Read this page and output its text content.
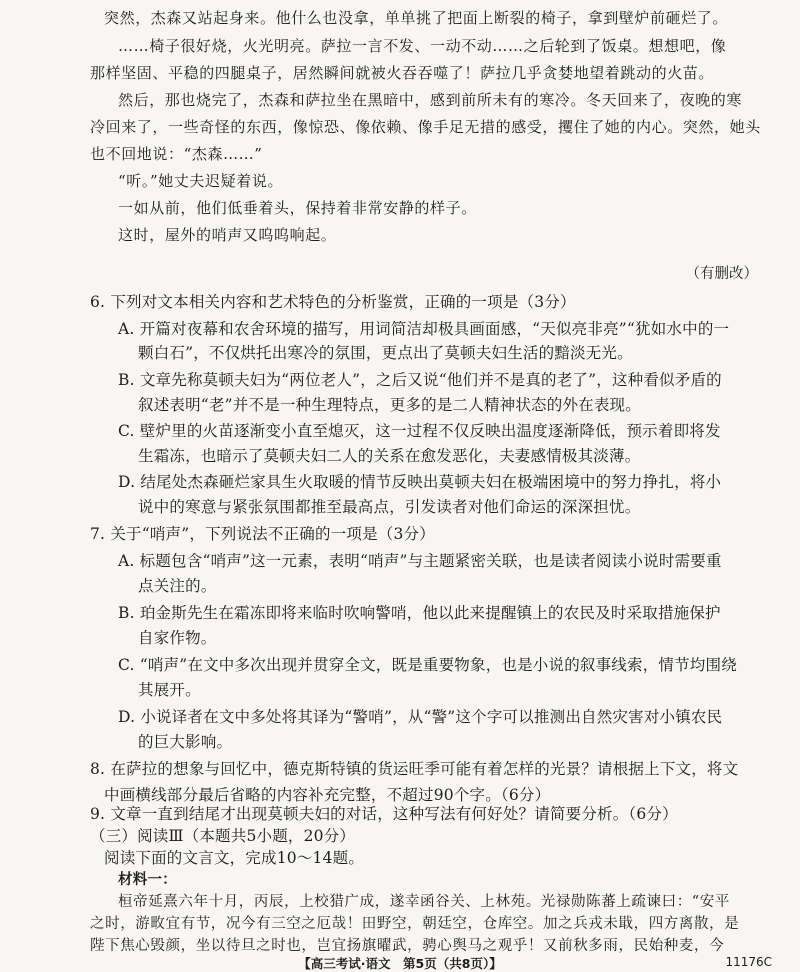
突然，杰森又站起身来。他什么也没拿，单单挑了把面上断裂的椅子，拿到壁炉前砸烂了。
……椅子很好烧，火光明亮。萨拉一言不发、一动不动……之后轮到了饭桌。想想吧，像
那样坚固、平稳的四腿桌子，居然瞬间就被火吞吞噬了！萨拉几乎贪婪地望着跳动的火苗。
然后，那也烧完了，杰森和萨拉坐在黑暗中，感到前所未有的寒冷。冬天回来了，夜晚的寒
冷回来了，一些奇怪的东西，像惊恐、像依赖、像手足无措的感受，攫住了她的内心。突然，她头
也不回地说：“杰森……”
“听。”她丈夫迟疑着说。
一如从前，他们低垂着头，保持着非常安静的样子。
这时，屋外的哨声又呜呜响起。
（有删改）
6. 下列对文本相关内容和艺术特色的分析鉴赏，正确的一项是（3分）
A. 开篇对夜幕和农舍环境的描写，用词简洁却极具画面感，“天似亮非亮”“犹如水中的一
颗白石”，不仅烘托出寒冷的氛围，更点出了莫顿夫妇生活的黯淡无光。
B. 文章先称莫顿夫妇为“两位老人”，之后又说“他们并不是真的老了”，这种看似矛盾的
叙述表明“老”并不是一种生理特点，更多的是二人精神状态的外在表现。
C. 壁炉里的火苗逐渐变小直至熄灭，这一过程不仅反映出温度逐渐降低，预示着即将发
生霜冻，也暗示了莫顿夫妇二人的关系在愈发恶化，夫妻感情极其淡薄。
D. 结尾处杰森砸烂家具生火取暖的情节反映出莫顿夫妇在极端困境中的努力挣扎，将小
说中的寒意与紧张氛围都推至最高点，引发读者对他们命运的深深担忧。
7. 关于“哨声”，下列说法不正确的一项是（3分）
A. 标题包含“哨声”这一元素，表明“哨声”与主题紧密关联，也是读者阅读小说时需要重
点关注的。
B. 珀金斯先生在霜冻即将来临时吹响警哨，他以此来提醒镇上的农民及时采取措施保护
自家作物。
C. “哨声”在文中多次出现并贯穿全文，既是重要物象，也是小说的叙事线索，情节均围绕
其展开。
D. 小说译者在文中多处将其译为“警哨”，从“警”这个字可以推测出自然灾害对小镇农民
的巨大影响。
8. 在萨拉的想象与回忆中，德克斯特镇的货运旺季可能有着怎样的光景？请根据上下文，将文
中画横线部分最后省略的内容补充完整，不超过90个字。（6分）
9. 文章一直到结尾才出现莫顿夫妇的对话，这种写法有何好处？请简要分析。（6分）
（三）阅读Ⅲ（本题共5小题，20分）
阅读下面的文言文，完成10～14题。
材料一：
桓帝延熹六年十月，丙辰，上校猎广成，遂幸函谷关、上林苑。光禄勋陈蕃上疏谏曰：“安平
之时，游畋宜有节，况今有三空之厄哉！田野空，朝廷空，仓库空。加之兵戎未戢，四方离散，是
陛下焦心毁颜，坐以待旦之时也，岂宜扬旗曜武，骋心舆马之观乎！又前秋多雨，民始种麦，今
【高三考试·语文　第5页（共8页）】	11176C
